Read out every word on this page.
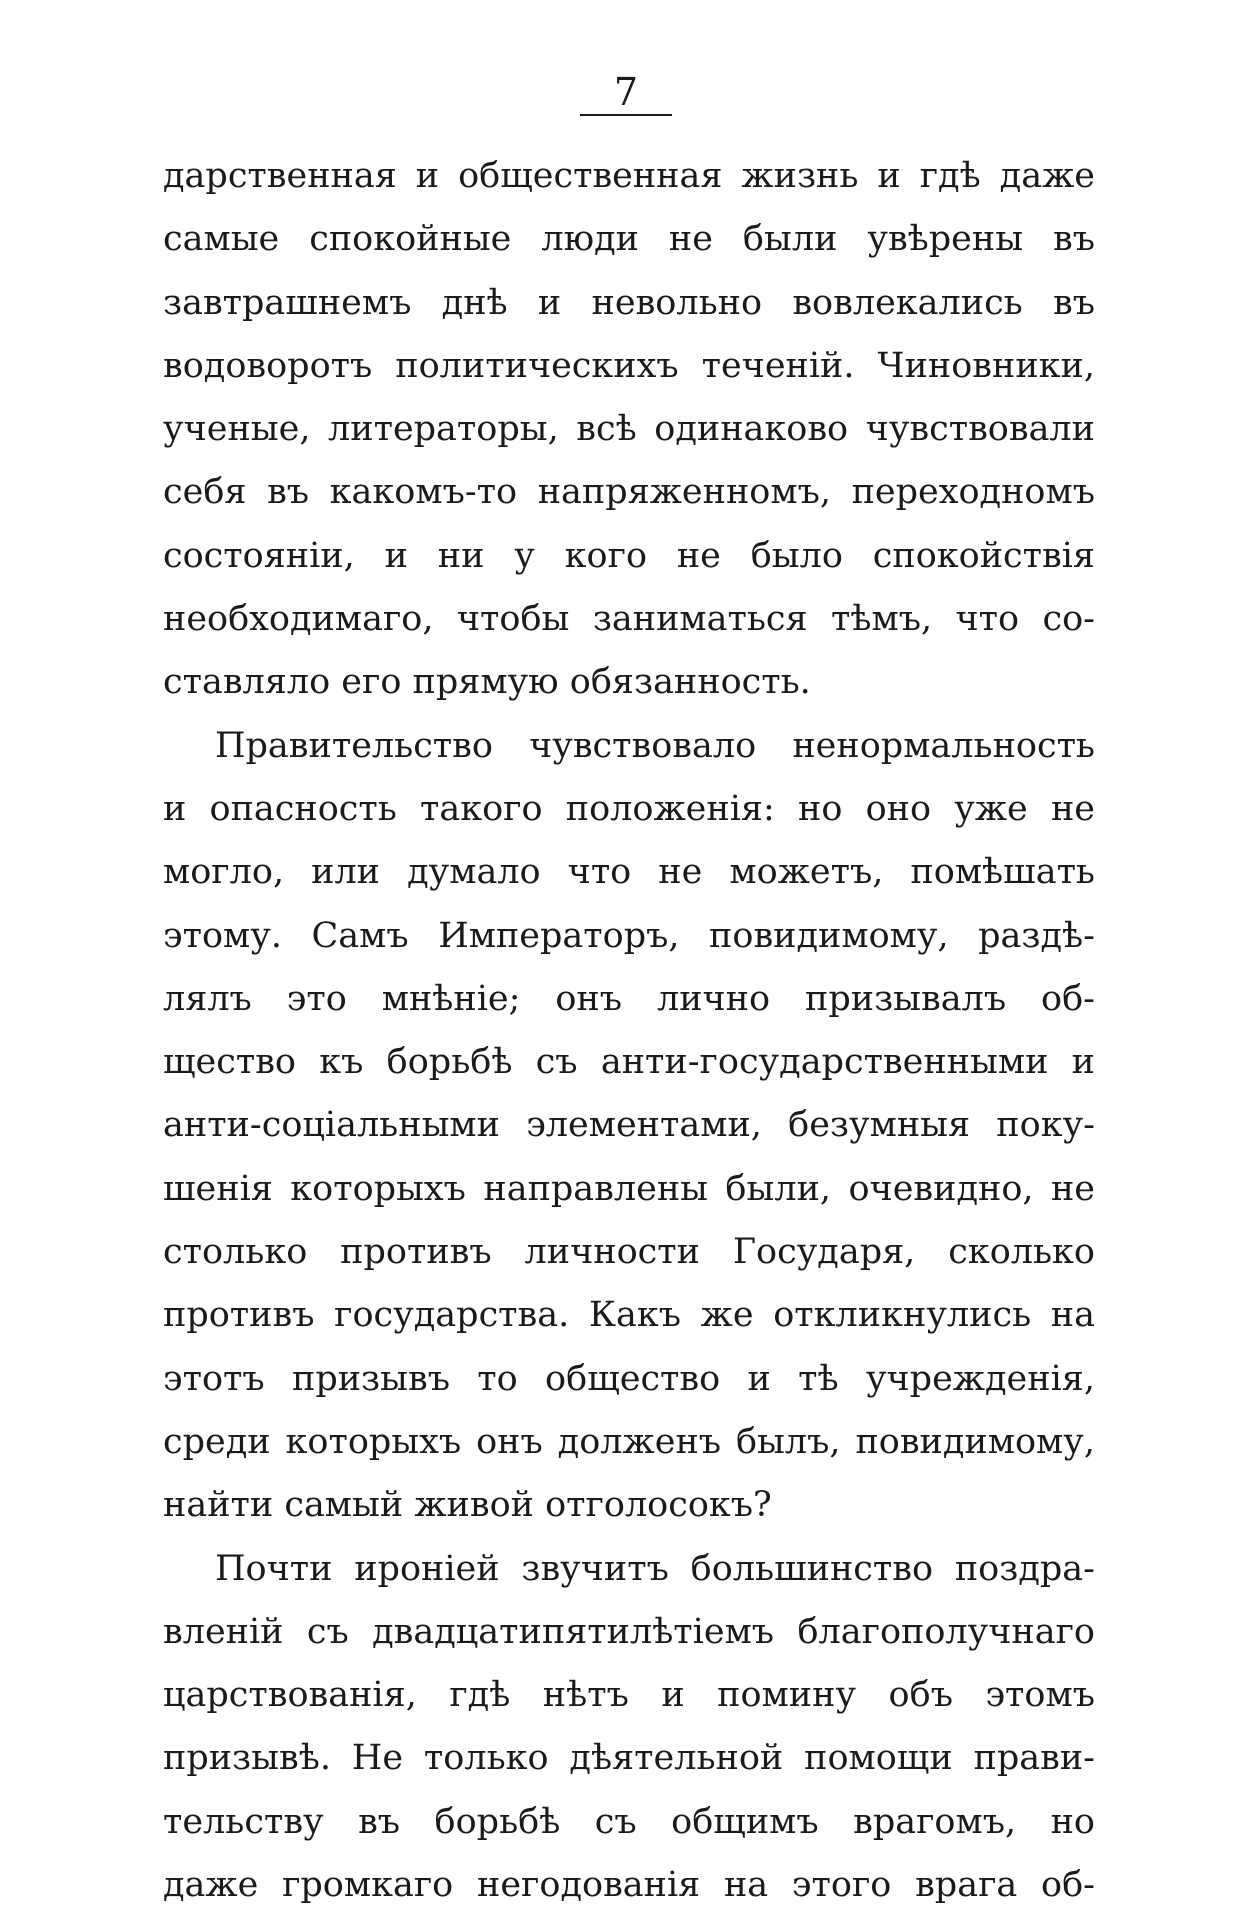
7
дарственная и общественная жизнь и гдѣ даже
самые спокойные люди не были увѣрены въ
завтрашнемъ днѣ и невольно вовлекались въ
водоворотъ политическихъ теченій. Чиновники,
ученые, литераторы, всѣ одинаково чувствовали
себя въ какомъ-то напряженномъ, переходномъ
состояніи, и ни у кого не было спокойствія
необходимаго, чтобы заниматься тѣмъ, что со-
ставляло его прямую обязанность.
Правительство чувствовало ненормальность
и опасность такого положенія: но оно уже не
могло, или думало что не можетъ, помѣшать
этому. Самъ Императоръ, повидимому, раздѣ-
лялъ это мнѣніе; онъ лично призывалъ об-
щество къ борьбѣ съ анти-государственными и
анти-соціальными элементами, безумныя поку-
шенія которыхъ направлены были, очевидно, не
столько противъ личности Государя, сколько
противъ государства. Какъ же откликнулись на
этотъ призывъ то общество и тѣ учрежденія,
среди которыхъ онъ долженъ былъ, повидимому,
найти самый живой отголосокъ?
Почти ироніей звучитъ большинство поздра-
вленій съ двадцатипятилѣтіемъ благополучнаго
царствованія, гдѣ нѣтъ и помину объ этомъ
призывѣ. Не только дѣятельной помощи прави-
тельству въ борьбѣ съ общимъ врагомъ, но
даже громкаго негодованія на этого врага об-
